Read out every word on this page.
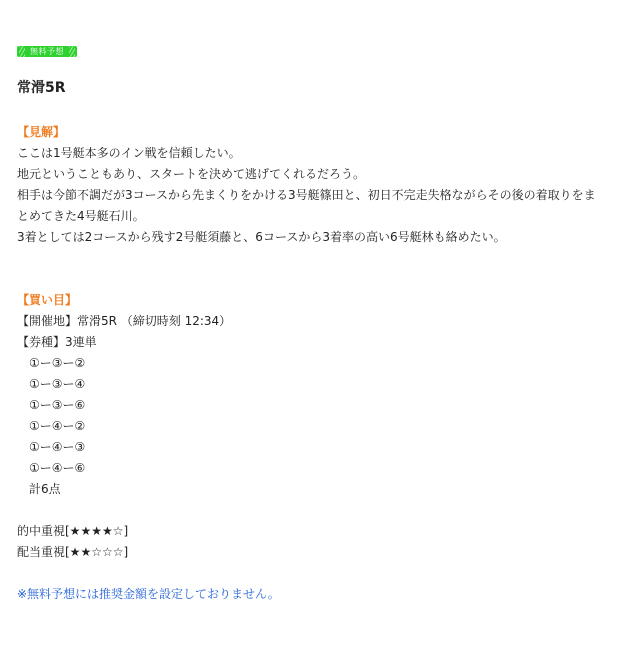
無料予想
常滑5R
【見解】
ここは1号艇本多のイン戦を信頼したい。
地元ということもあり、スタートを決めて逃げてくれるだろう。
相手は今節不調だが3コースから先まくりをかける3号艇篠田と、初日不完走失格ながらその後の着取りをまとめてきた4号艇石川。
3着としては2コースから残す2号艇須藤と、6コースから3着率の高い6号艇林も絡めたい。
【買い目】
【開催地】常滑5R （締切時刻 12:34）
【券種】3連単
①ー③ー②
①ー③ー④
①ー③ー⑥
①ー④ー②
①ー④ー③
①ー④ー⑥
計6点
的中重視[★★★★☆]
配当重視[★★☆☆☆]
※無料予想には推奨金額を設定しておりません。
